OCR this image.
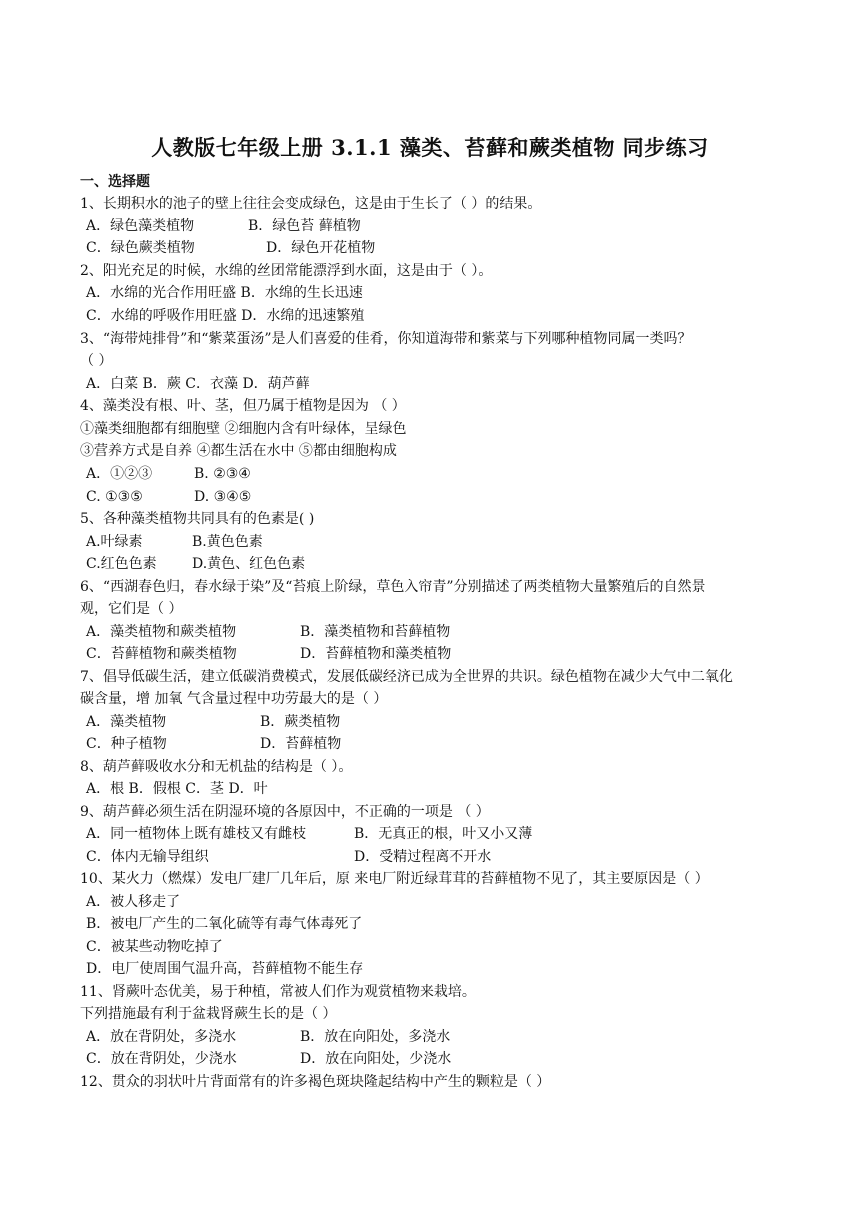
人教版七年级上册 3.1.1 藻类、苔藓和蕨类植物 同步练习
一、选择题
1、长期积水的池子的壁上往往会变成绿色，这是由于生长了（ ）的结果。
A．绿色藻类植物	B．绿色苔 藓植物
C．绿色蕨类植物	D．绿色开花植物
2、阳光充足的时候，水绵的丝团常能漂浮到水面，这是由于（ ）。
A．水绵的光合作用旺盛 B．水绵的生长迅速
C．水绵的呼吸作用旺盛 D．水绵的迅速繁殖
3、“海带炖排骨”和“紫菜蛋汤”是人们喜爱的佳肴，你知道海带和紫菜与下列哪种植物同属一类吗？
（ ）
A．白菜 B．蕨 C．衣藻 D．葫芦藓
4、藻类没有根、叶、茎，但乃属于植物是因为 （ ）
①藻类细胞都有细胞壁 ②细胞内含有叶绿体，呈绿色
③营养方式是自养 ④都生活在水中 ⑤都由细胞构成
A．①②③	B. ②③④
C. ①③⑤	D. ③④⑤
5、各种藻类植物共同具有的色素是( )
A.叶绿素	B.黄色色素
C.红色色素	D.黄色、红色色素
6、“西湖春色归，春水绿于染”及“苔痕上阶绿，草色入帘青”分别描述了两类植物大量繁殖后的自然景
观，它们是（ ）
A．藻类植物和蕨类植物	B．藻类植物和苔藓植物
C．苔藓植物和蕨类植物	D．苔藓植物和藻类植物
7、倡导低碳生活，建立低碳消费模式，发展低碳经济已成为全世界的共识。绿色植物在减少大气中二氧化
碳含量，增 加氧 气含量过程中功劳最大的是（ ）
A．藻类植物	B．蕨类植物
C．种子植物	D．苔藓植物
8、葫芦藓吸收水分和无机盐的结构是（ ）。
A．根 B．假根 C．茎 D．叶
9、葫芦藓必须生活在阴湿环境的各原因中，不正确的一项是 （ ）
A．同一植物体上既有雄枝又有雌枝	B．无真正的根，叶又小又薄
C．体内无输导组织	D．受精过程离不开水
10、某火力（燃煤）发电厂建厂几年后，原 来电厂附近绿茸茸的苔藓植物不见了，其主要原因是（ ）
A．被人移走了
B．被电厂产生的二氧化硫等有毒气体毒死了
C．被某些动物吃掉了
D．电厂使周围气温升高，苔藓植物不能生存
11、肾蕨叶态优美，易于种植，常被人们作为观赏植物来栽培。
下列措施最有利于盆栽肾蕨生长的是（ ）
A．放在背阴处，多浇水	B．放在向阳处，多浇水
C．放在背阴处，少浇水	D．放在向阳处，少浇水
12、贯众的羽状叶片背面常有的许多褐色斑块隆起结构中产生的颗粒是（ ）
